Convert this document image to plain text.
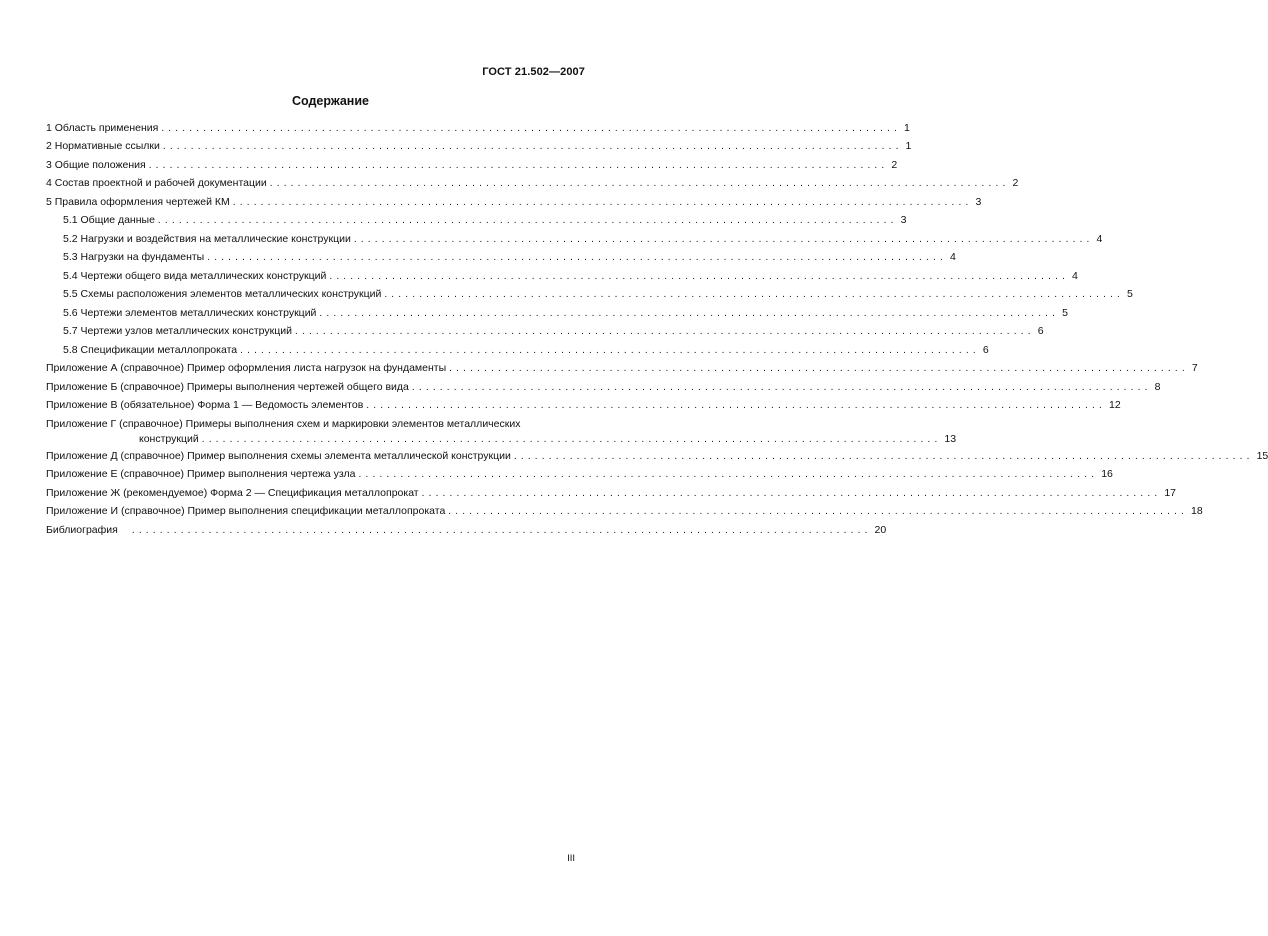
ГОСТ 21.502—2007
Содержание
1 Область применения .......................................................................................................... 1
2 Нормативные ссылки .......................................................................................................... 1
3 Общие положения .......................................................................................................... 2
4 Состав проектной и рабочей документации .......................................................................................................... 2
5 Правила оформления чертежей КМ .......................................................................................................... 3
5.1 Общие данные .......................................................................................................... 3
5.2 Нагрузки и воздействия на металлические конструкции .......................................................................................................... 4
5.3 Нагрузки на фундаменты .......................................................................................................... 4
5.4 Чертежи общего вида металлических конструкций .......................................................................................................... 4
5.5 Схемы расположения элементов металлических конструкций .......................................................................................................... 5
5.6 Чертежи элементов металлических конструкций .......................................................................................................... 5
5.7 Чертежи узлов металлических конструкций .......................................................................................................... 6
5.8 Спецификации металлопроката .......................................................................................................... 6
Приложение А (справочное) Пример оформления листа нагрузок на фундаменты .......................................................................................................... 7
Приложение Б (справочное) Примеры выполнения чертежей общего вида .......................................................................................................... 8
Приложение В (обязательное) Форма 1 — Ведомость элементов .......................................................................................................... 12
Приложение Г (справочное) Примеры выполнения схем и маркировки элементов металлических
конструкций .......................................................................................................... 13
Приложение Д (справочное) Пример выполнения схемы элемента металлической конструкции .......................................................................................................... 15
Приложение Е (справочное) Пример выполнения чертежа узла .......................................................................................................... 16
Приложение Ж (рекомендуемое) Форма 2 — Спецификация металлопрокат .......................................................................................................... 17
Приложение И (справочное) Пример выполнения спецификации металлопроката .......................................................................................................... 18
Библиография .......................................................................................................... 20
III
